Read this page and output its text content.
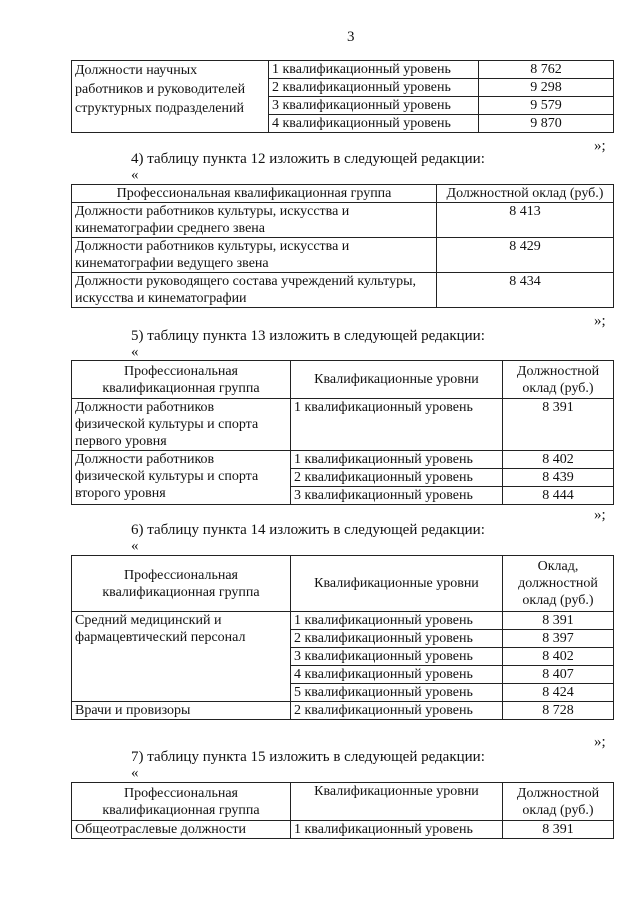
3
Должности научных работников и руководителей структурных подразделений	1 квалификационный уровень	8 762
	2 квалификационный уровень	9 298
	3 квалификационный уровень	9 579
	4 квалификационный уровень	9 870
»;
4) таблицу пункта 12 изложить в следующей редакции:
«
Профессиональная квалификационная группа	Должностной оклад (руб.)
Должности работников культуры, искусства и кинематографии среднего звена	8 413
Должности работников культуры, искусства и кинематографии ведущего звена	8 429
Должности руководящего состава учреждений культуры, искусства и кинематографии	8 434
»;
5) таблицу пункта 13 изложить в следующей редакции:
«
Профессиональная квалификационная группа	Квалификационные уровни	Должностной оклад (руб.)
Должности работников физической культуры и спорта первого уровня	1 квалификационный уровень	8 391
Должности работников физической культуры и спорта второго уровня	1 квалификационный уровень	8 402
	2 квалификационный уровень	8 439
	3 квалификационный уровень	8 444
»;
6) таблицу пункта 14 изложить в следующей редакции:
«
Профессиональная квалификационная группа	Квалификационные уровни	Оклад, должностной оклад (руб.)
Средний медицинский и фармацевтический персонал	1 квалификационный уровень	8 391
	2 квалификационный уровень	8 397
	3 квалификационный уровень	8 402
	4 квалификационный уровень	8 407
	5 квалификационный уровень	8 424
Врачи и провизоры	2 квалификационный уровень	8 728
»;
7) таблицу пункта 15 изложить в следующей редакции:
«
Профессиональная квалификационная группа	Квалификационные уровни	Должностной оклад (руб.)
Общеотраслевые должности	1 квалификационный уровень	8 391
